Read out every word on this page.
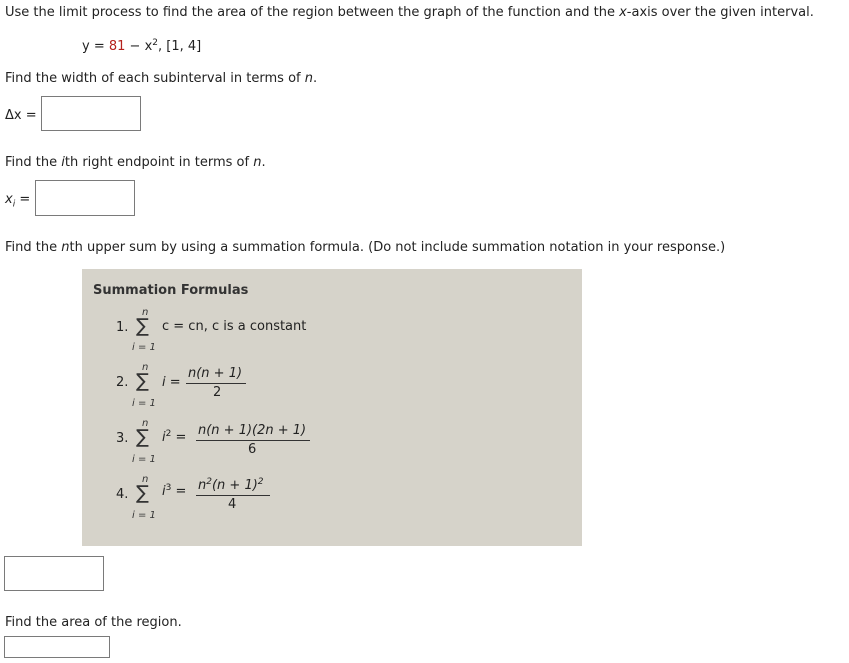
Use the limit process to find the area of the region between the graph of the function and the x-axis over the given interval.
$y = 81 - x^2$, [1, 4]
Find the width of each subinterval in terms of n.
Δx =
Find the ith right endpoint in terms of n.
$x_i$ =
Find the nth upper sum by using a summation formula. (Do not include summation notation in your response.)
Summation Formulas
1.
n
∑
i = 1
c = cn, c is a constant
2.
n
∑
i = 1
i =
n(n + 1)
2
3.
n
∑
i = 1
$i^2 = n(n + 1)(2n + 1)$
6
4.
n
∑
i = 1
$i^3 = n^2(n + 1)^2$
4
Find the area of the region.
